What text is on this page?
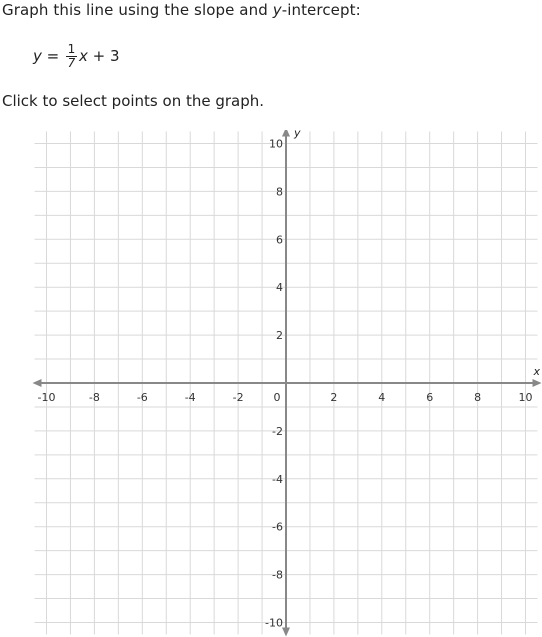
Graph this line using the slope and y-intercept:
$y = \frac{1}{7}$ x + 3
Click to select points on the graph.
-10	-8	-6	-4	-2	2	4	6	8	10
-10
-8
-6
-4
-2
2
4
6
8
10
0
x
y
